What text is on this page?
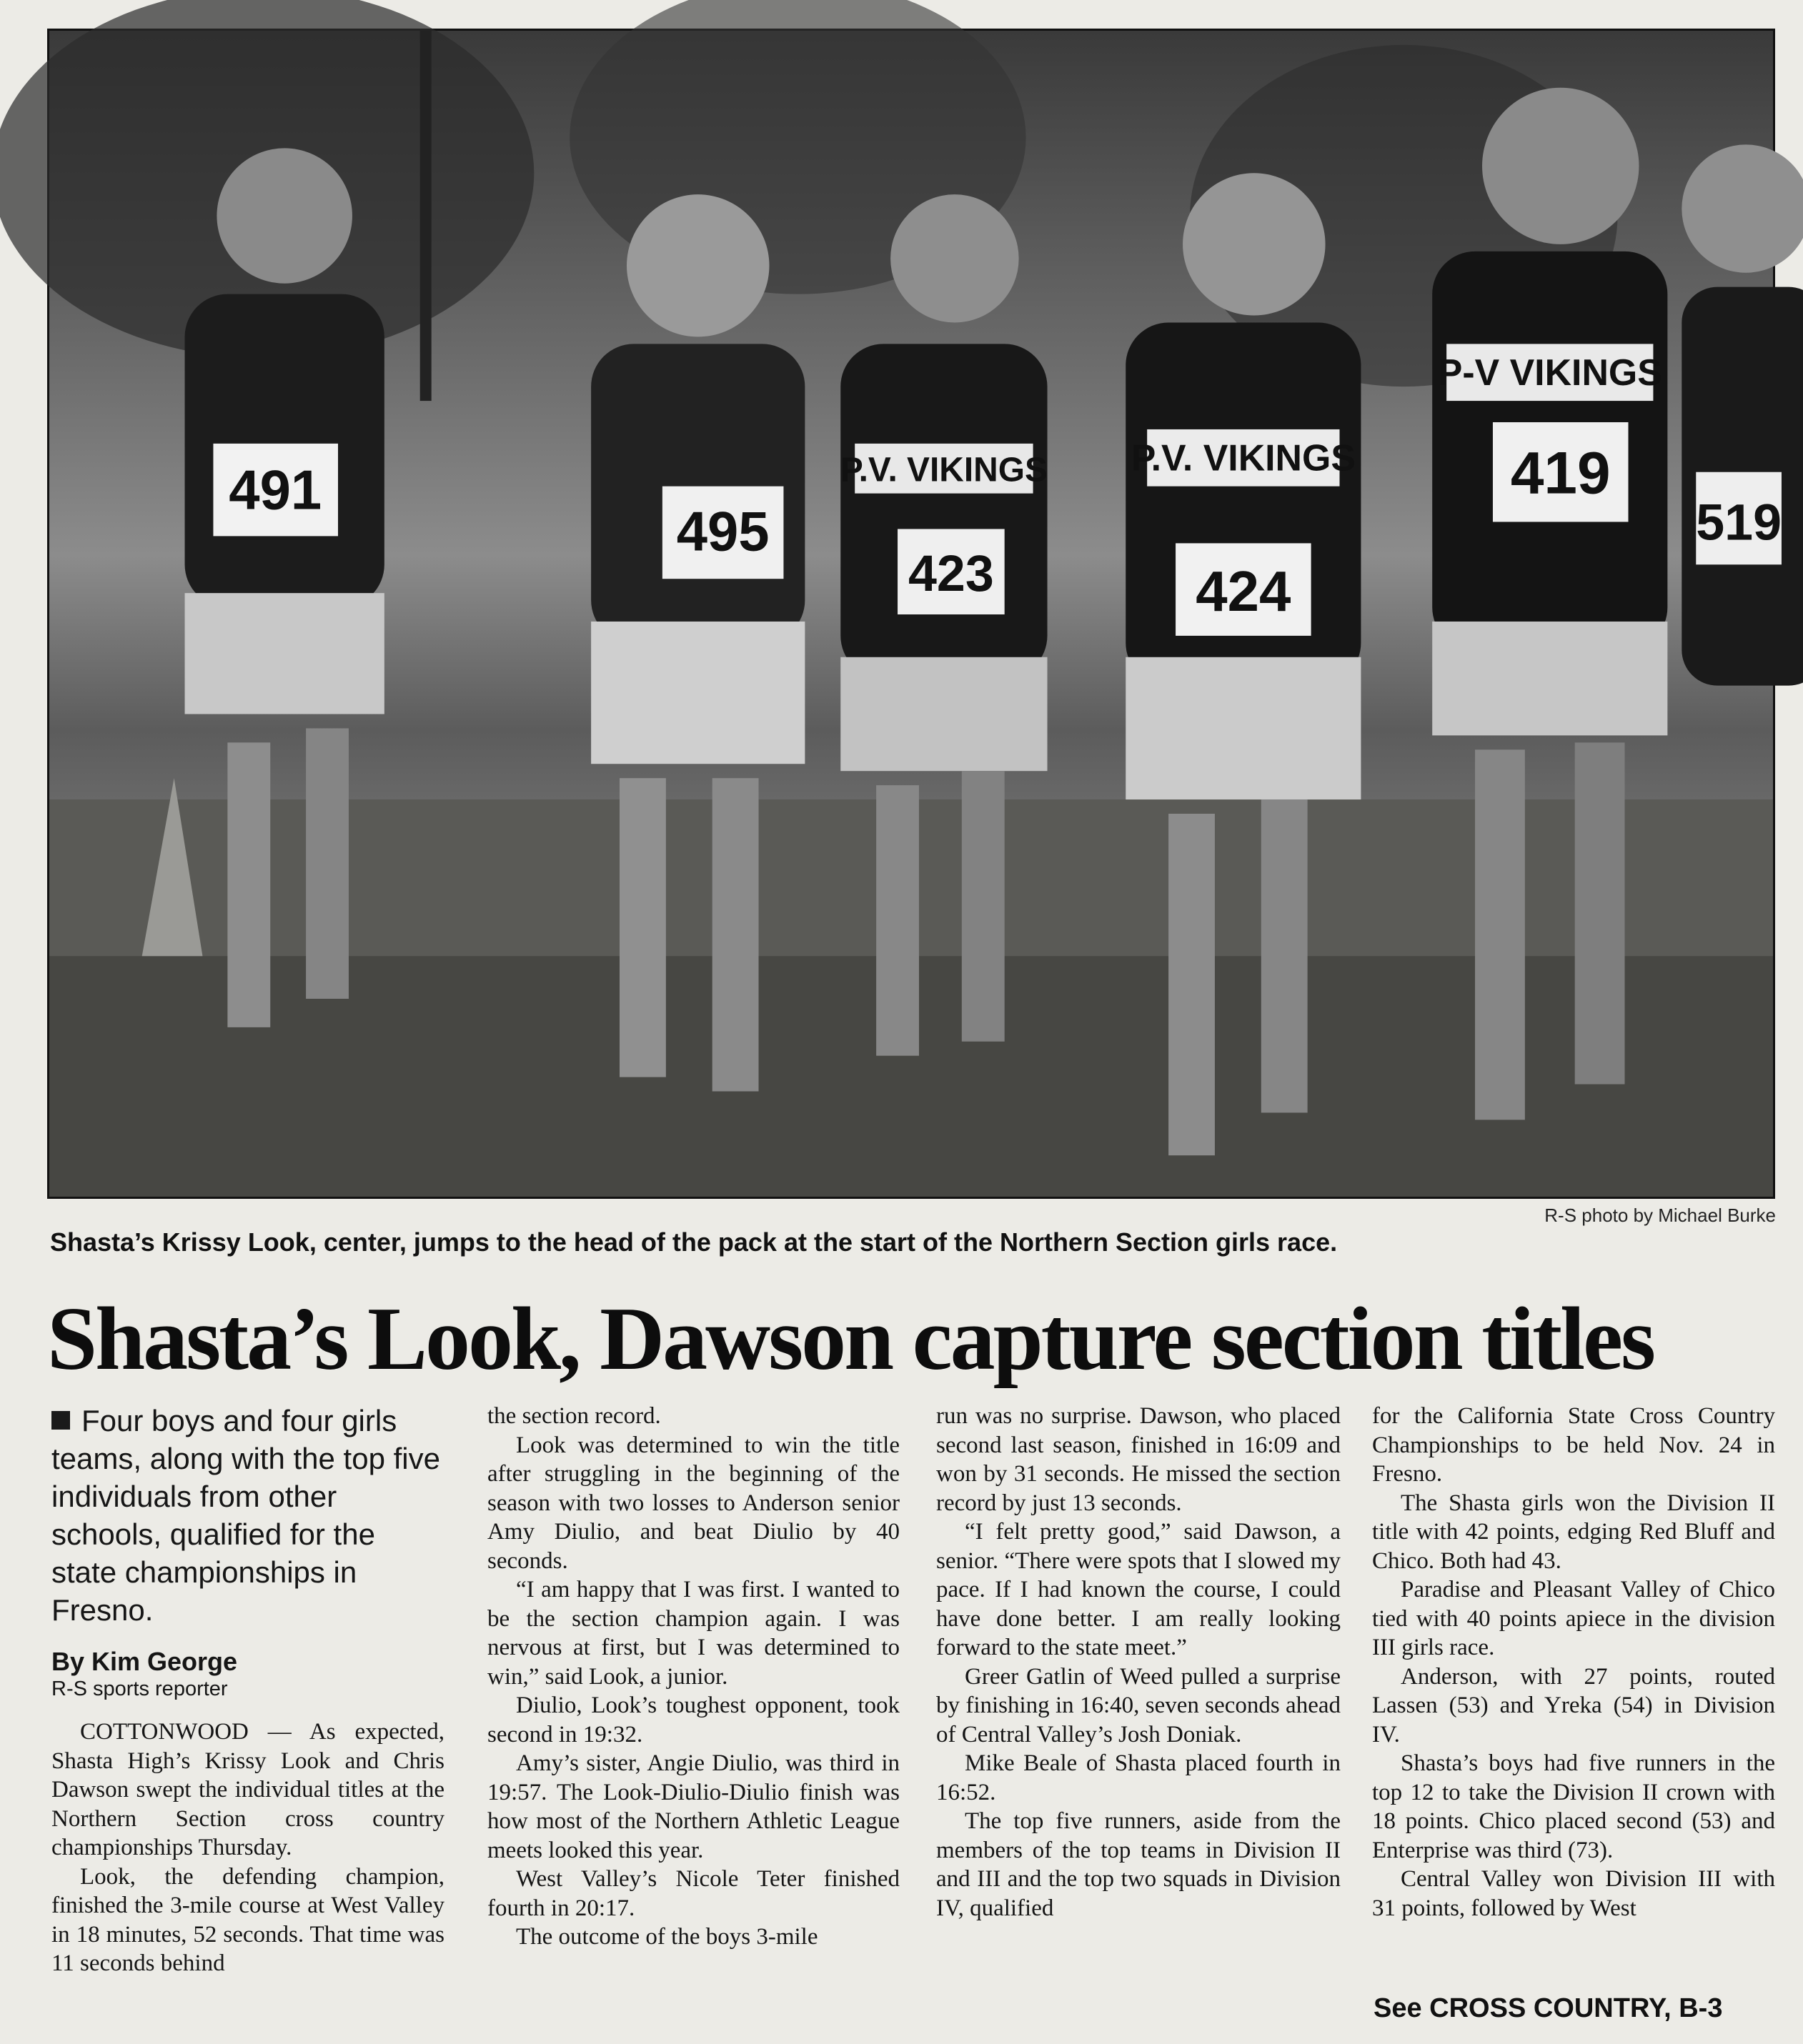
491
495
P.V. VIKINGS
423
P.V. VIKINGS
424
P-V VIKINGS
419
519
R-S photo by Michael Burke
Shasta’s Krissy Look, center, jumps to the head of the pack at the start of the Northern Section girls race.
Shasta’s Look, Dawson capture section titles
Four boys and four girls teams, along with the top five individuals from other schools, qualified for the state championships in Fresno.
By Kim George
R-S sports reporter

COTTONWOOD — As expected, Shasta High’s Krissy Look and Chris Dawson swept the individual titles at the Northern Section cross country championships Thursday.

Look, the defending champion, finished the 3-mile course at West Valley in 18 minutes, 52 seconds. That time was 11 seconds behind

the section record.

Look was determined to win the title after struggling in the beginning of the season with two losses to Anderson senior Amy Diulio, and beat Diulio by 40 seconds.

“I am happy that I was first. I wanted to be the section champion again. I was nervous at first, but I was determined to win,” said Look, a junior.

Diulio, Look’s toughest opponent, took second in 19:32.

Amy’s sister, Angie Diulio, was third in 19:57. The Look-Diulio-Diulio finish was how most of the Northern Athletic League meets looked this year.

West Valley’s Nicole Teter finished fourth in 20:17.

The outcome of the boys 3-mile

run was no surprise. Dawson, who placed second last season, finished in 16:09 and won by 31 seconds. He missed the section record by just 13 seconds.

“I felt pretty good,” said Dawson, a senior. “There were spots that I slowed my pace. If I had known the course, I could have done better. I am really looking forward to the state meet.”

Greer Gatlin of Weed pulled a surprise by finishing in 16:40, seven seconds ahead of Central Valley’s Josh Doniak.

Mike Beale of Shasta placed fourth in 16:52.

The top five runners, aside from the members of the top teams in Division II and III and the top two squads in Division IV, qualified

for the California State Cross Country Championships to be held Nov. 24 in Fresno.

The Shasta girls won the Division II title with 42 points, edging Red Bluff and Chico. Both had 43.

Paradise and Pleasant Valley of Chico tied with 40 points apiece in the division III girls race.

Anderson, with 27 points, routed Lassen (53) and Yreka (54) in Division IV.

Shasta’s boys had five runners in the top 12 to take the Division II crown with 18 points. Chico placed second (53) and Enterprise was third (73).

Central Valley won Division III with 31 points, followed by West

See CROSS COUNTRY, B-3
